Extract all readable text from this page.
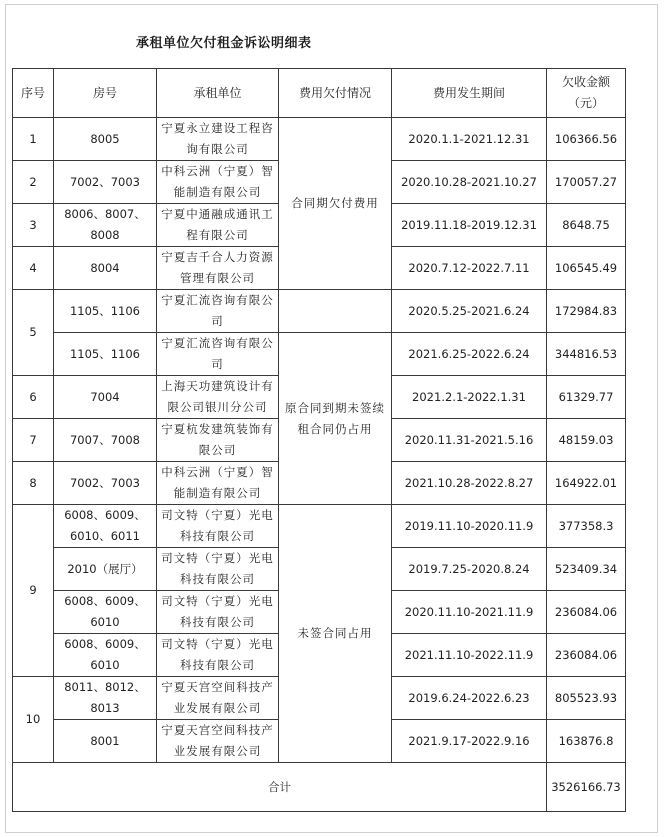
承租单位欠付租金诉讼明细表
序号	房号	承租单位	费用欠付情况	费用发生期间	欠收金额（元）
1	8005	宁夏永立建设工程咨询有限公司	合同期欠付费用	2020.1.1-2021.12.31	106366.56
2	7002、7003	中科云洲（宁夏）智能制造有限公司		2020.10.28-2021.10.27	170057.27
3	8006、8007、8008	宁夏中通融成通讯工程有限公司		2019.11.18-2019.12.31	8648.75
4	8004	宁夏吉千合人力资源管理有限公司		2020.7.12-2022.7.11	106545.49
5	1105、1106	宁夏汇流咨询有限公司		2020.5.25-2021.6.24	172984.83
	1105、1106	宁夏汇流咨询有限公司	原合同到期未签续租合同仍占用	2021.6.25-2022.6.24	344816.53
6	7004	上海天功建筑设计有限公司银川分公司		2021.2.1-2022.1.31	61329.77
7	7007、7008	宁夏杭发建筑装饰有限公司		2020.11.31-2021.5.16	48159.03
8	7002、7003	中科云洲（宁夏）智能制造有限公司		2021.10.28-2022.8.27	164922.01
9	6008、6009、6010、6011	司文特（宁夏）光电科技有限公司	未签合同占用	2019.11.10-2020.11.9	377358.3
	2010（展厅）	司文特（宁夏）光电科技有限公司		2019.7.25-2020.8.24	523409.34
	6008、6009、6010	司文特（宁夏）光电科技有限公司		2020.11.10-2021.11.9	236084.06
	6008、6009、6010	司文特（宁夏）光电科技有限公司		2021.11.10-2022.11.9	236084.06
10	8011、8012、8013	宁夏天宫空间科技产业发展有限公司		2019.6.24-2022.6.23	805523.93
	8001	宁夏天宫空间科技产业发展有限公司		2021.9.17-2022.9.16	163876.8
合计					3526166.73
